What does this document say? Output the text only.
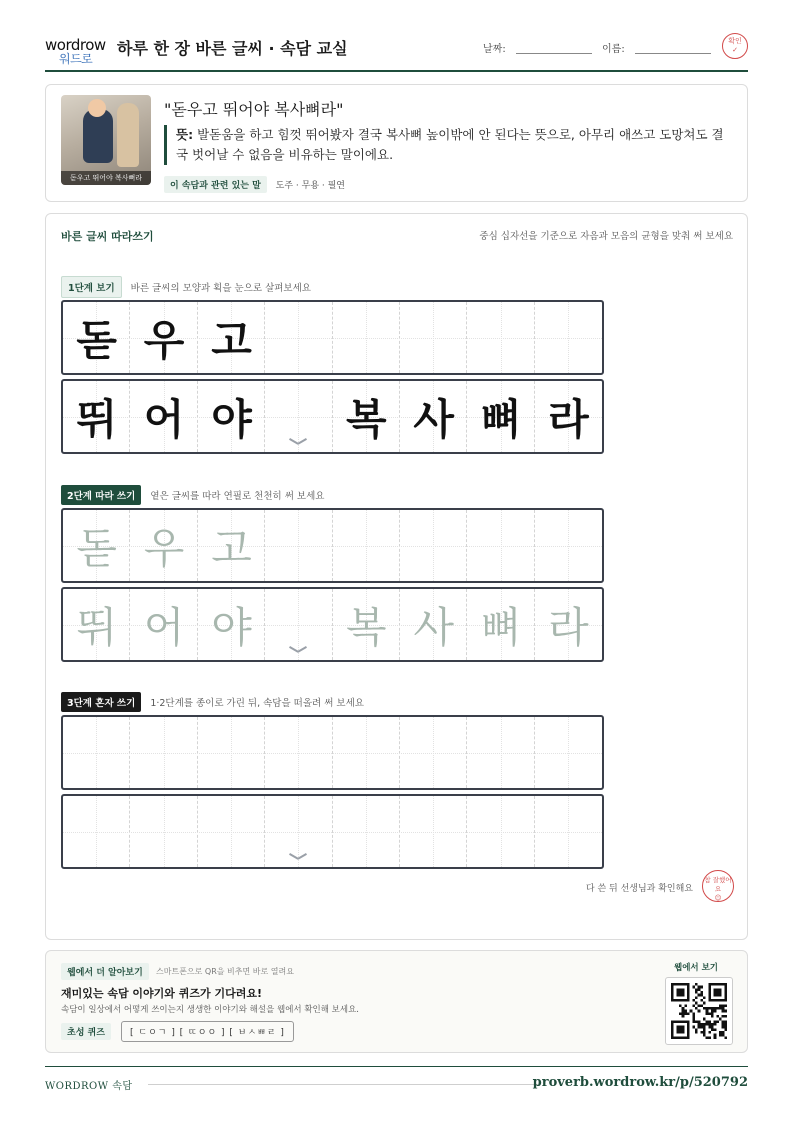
wordrow
워드로
하루 한 장 바른 글씨 · 속담 교실	날짜:	이름:
확인
✓
돋우고 뛰어야 복사뼈라
"돋우고 뛰어야 복사뼈라"
뜻: 발돋움을 하고 힘껏 뛰어봤자 결국 복사뼈 높이밖에 안 된다는 뜻으로, 아무리 애쓰고 도망쳐도 결국 벗어날 수 없음을 비유하는 말이에요.
이 속담과 관련 있는 말 도주 · 무용 · 필연
바른 글씨 따라쓰기	중심 십자선을 기준으로 자음과 모음의 균형을 맞춰 써 보세요
1단계 보기 바른 글씨의 모양과 획을 눈으로 살펴보세요
돋 우 고
뛰 어 야	복 사 뼈 라
2단계 따라 쓰기 옅은 글씨를 따라 연필로 천천히 써 보세요
돋 우 고
뛰 어 야	복 사 뼈 라
3단계 혼자 쓰기 1·2단계를 종이로 가린 뒤, 속담을 떠올려 써 보세요
다 쓴 뒤 선생님과 확인해요
참 잘했어요
☺
웹에서 더 알아보기	스마트폰으로 QR을 비추면 바로 열려요
재미있는 속담 이야기와 퀴즈가 기다려요!
속담이 일상에서 어떻게 쓰이는지 생생한 이야기와 해설을 웹에서 확인해 보세요.
초성 퀴즈	[ ㄷㅇㄱ ] [ ㄸㅇㅇ ] [ ㅂㅅㅃㄹ ]
웹에서 보기
WORDROW 속담	proverb.wordrow.kr/p/520792
